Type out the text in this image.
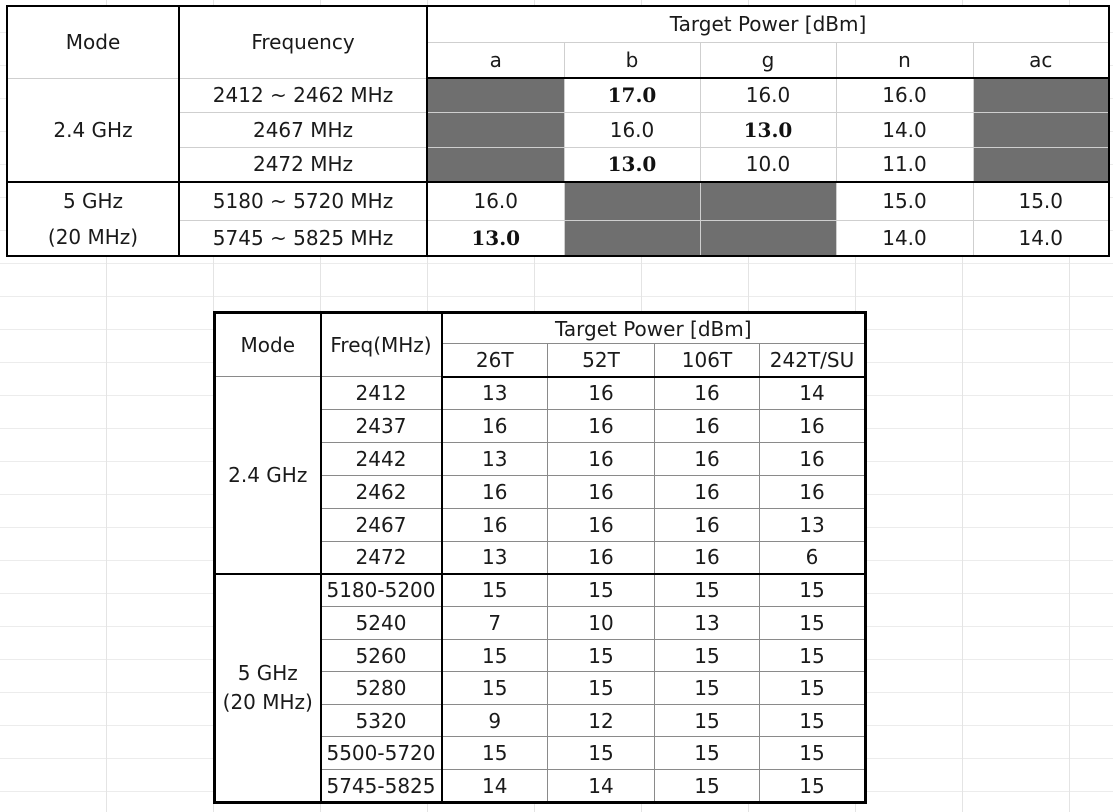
Mode	Frequency	Target Power [dBm]				
		a	b	g	n	ac
2.4 GHz	2412 ~ 2462 MHz		17.0	16.0	16.0	
	2467 MHz		16.0	13.0	14.0	
	2472 MHz		13.0	10.0	11.0	

5 GHz
(20 MHz)	5180 ~ 5720 MHz	16.0			15.0	15.0
	5745 ~ 5825 MHz	13.0			14.0	14.0
Mode	Freq(MHz)	Target Power [dBm]			
		26T	52T	106T	242T/SU
2.4 GHz	2412	13	16	16	14
	2437	16	16	16	16
	2442	13	16	16	16
	2462	16	16	16	16
	2467	16	16	16	13
	2472	13	16	16	6

5 GHz
(20 MHz)	5180-5200	15	15	15	15
	5240	7	10	13	15
	5260	15	15	15	15
	5280	15	15	15	15
	5320	9	12	15	15
	5500-5720	15	15	15	15
	5745-5825	14	14	15	15
